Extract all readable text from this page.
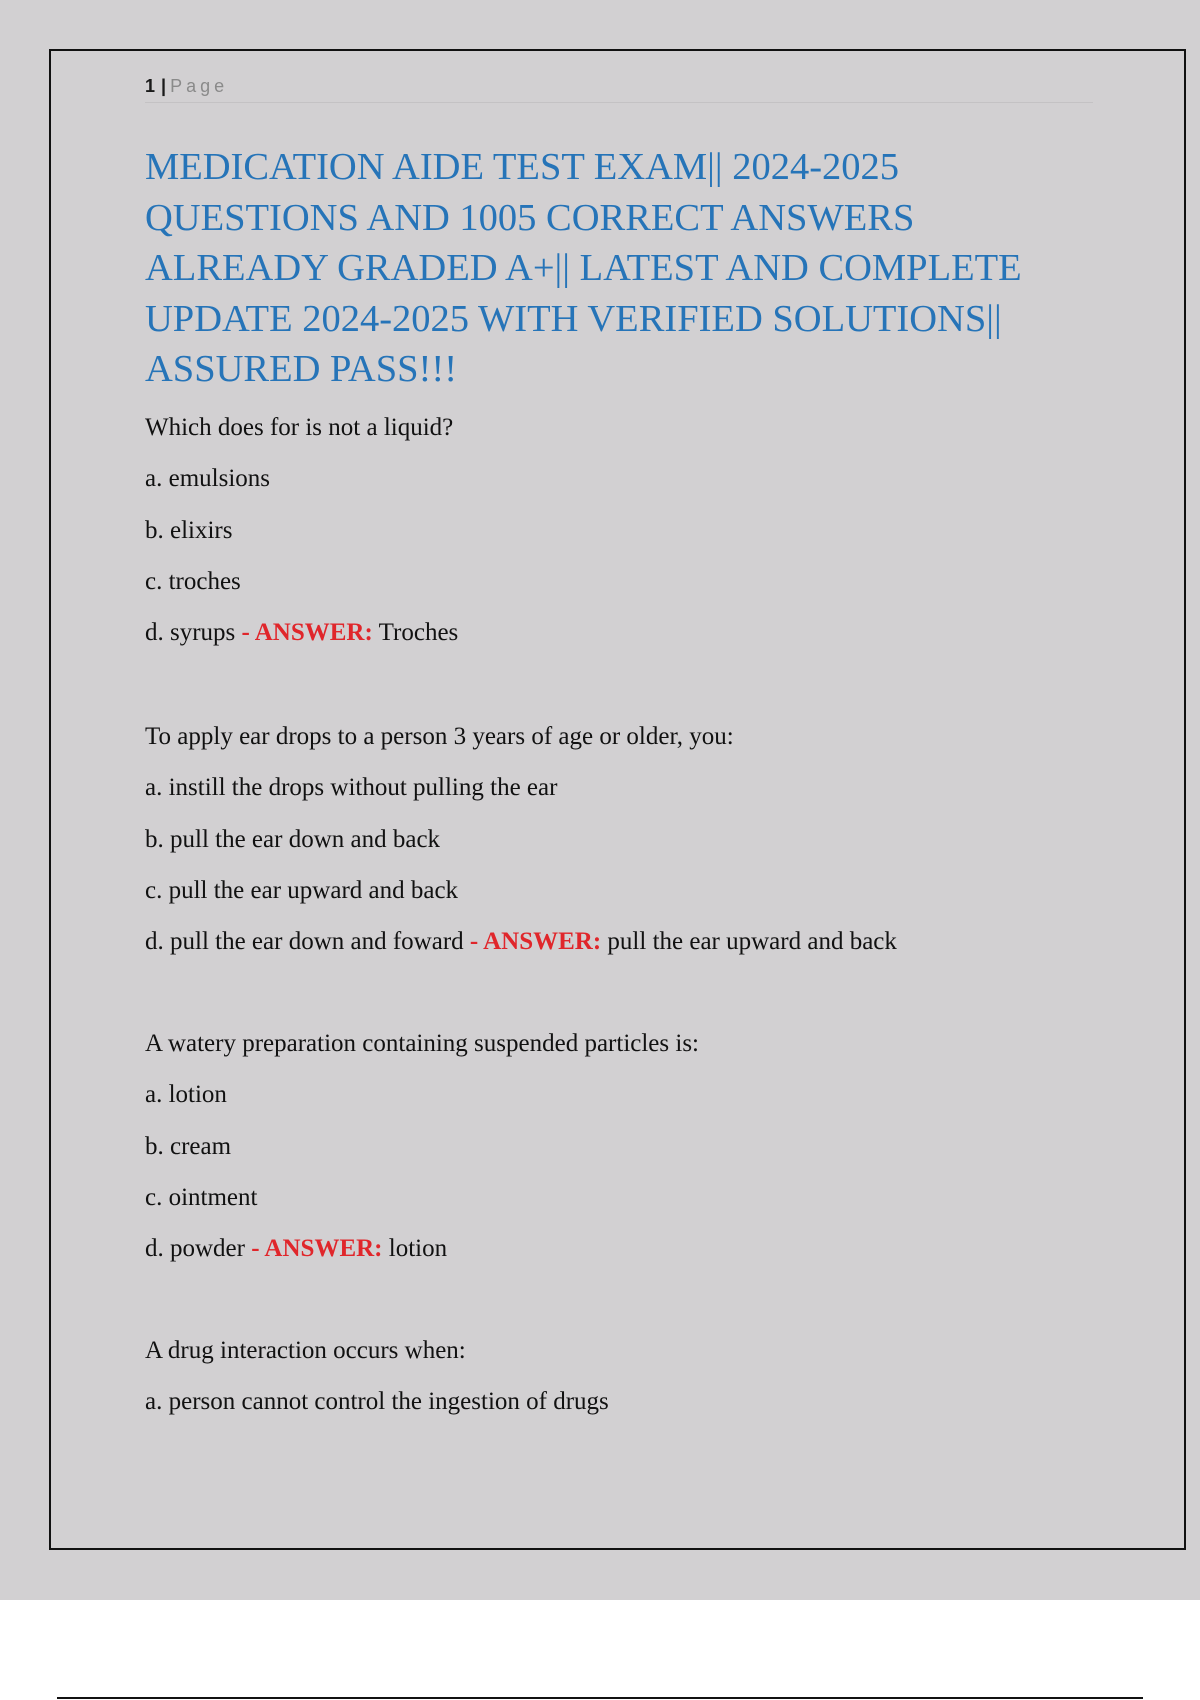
1 | Page
MEDICATION AIDE TEST EXAM|| 2024-2025
QUESTIONS AND 1005 CORRECT ANSWERS
ALREADY GRADED A+|| LATEST AND COMPLETE
UPDATE 2024-2025 WITH VERIFIED SOLUTIONS||
ASSURED PASS!!!
Which does for is not a liquid?
a. emulsions
b. elixirs
c. troches
d. syrups - ANSWER: Troches
To apply ear drops to a person 3 years of age or older, you:
a. instill the drops without pulling the ear
b. pull the ear down and back
c. pull the ear upward and back
d. pull the ear down and foward - ANSWER: pull the ear upward and back
A watery preparation containing suspended particles is:
a. lotion
b. cream
c. ointment
d. powder - ANSWER: lotion
A drug interaction occurs when:
a. person cannot control the ingestion of drugs
